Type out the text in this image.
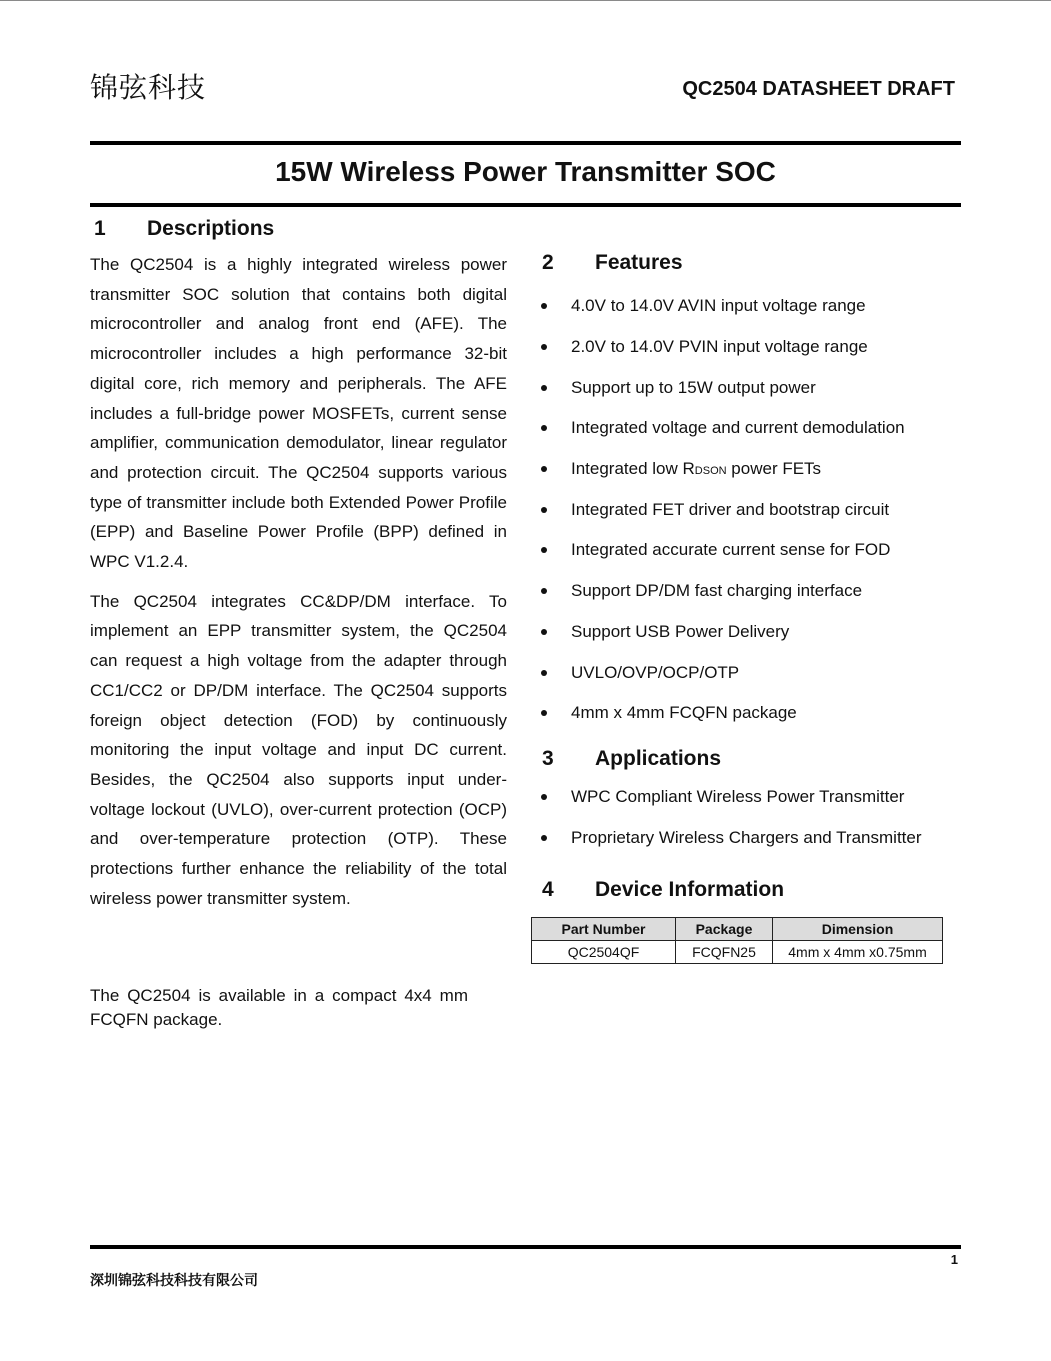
锦弦科技	QC2504 DATASHEET DRAFT
15W Wireless Power Transmitter SOC
1	Descriptions

The QC2504 is a highly integrated wireless power transmitter SOC solution that contains both digital microcontroller and analog front end (AFE). The microcontroller includes a high performance 32-bit digital core, rich memory and peripherals. The AFE includes a full-bridge power MOSFETs, current sense amplifier, communication demodulator, linear regulator and protection circuit. The QC2504 supports various type of transmitter include both Extended Power Profile (EPP) and Baseline Power Profile (BPP) defined in WPC V1.2.4.

The QC2504 integrates CC&DP/DM interface. To implement an EPP transmitter system, the QC2504 can request a high voltage from the adapter through CC1/CC2 or DP/DM interface. The QC2504 supports foreign object detection (FOD) by continuously monitoring the input voltage and input DC current. Besides, the QC2504 also supports input under-voltage lockout (UVLO), over-current protection (OCP) and over-temperature protection (OTP). These protections further enhance the reliability of the total wireless power transmitter system.

The QC2504 is available in a compact 4x4 mm FCQFN package.

2	Features
4.0V to 14.0V AVIN input voltage range
2.0V to 14.0V PVIN input voltage range
Support up to 15W output power
Integrated voltage and current demodulation
Integrated low RDSON power FETs
Integrated FET driver and bootstrap circuit
Integrated accurate current sense for FOD
Support DP/DM fast charging interface
Support USB Power Delivery
UVLO/OVP/OCP/OTP
4mm x 4mm FCQFN package
3	Applications
WPC Compliant Wireless Power Transmitter
Proprietary Wireless Chargers and Transmitter
4	Device Information
Part Number	Package	Dimension
QC2504QF	FCQFN25	4mm x 4mm x0.75mm
1
深圳锦弦科技科技有限公司
